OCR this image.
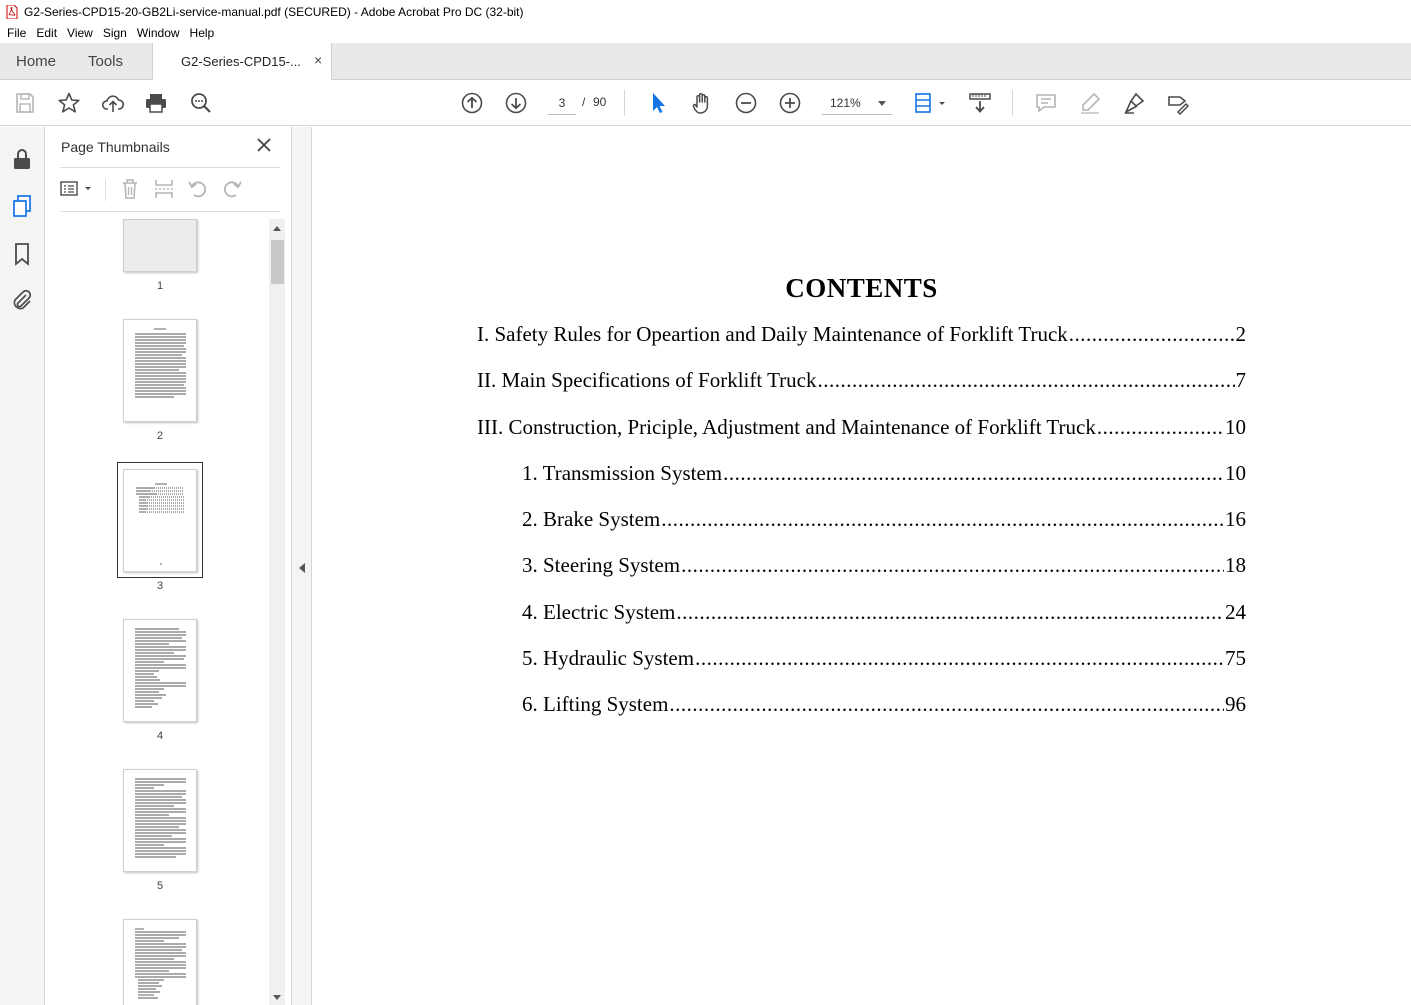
G2-Series-CPD15-20-GB2Li-service-manual.pdf (SECURED) - Adobe Acrobat Pro DC (32-bit)
File Edit View Sign Window Help
Home Tools	G2-Series-CPD15-... ×
3	/ 90	121%
Page Thumbnails
1
2
3
4
5
CONTENTS
I. Safety Rules for Opeartion and Daily Maintenance of Forklift Truck .....	2
II. Main Specifications of Forklift Truck .....	7
III. Construction, Priciple, Adjustment and Maintenance of Forklift Truck .....	10
1. Transmission System .....	10
2. Brake System .....	16
3. Steering System .....	18
4. Electric System .....	24
5. Hydraulic System .....	75
6. Lifting System .....	96
